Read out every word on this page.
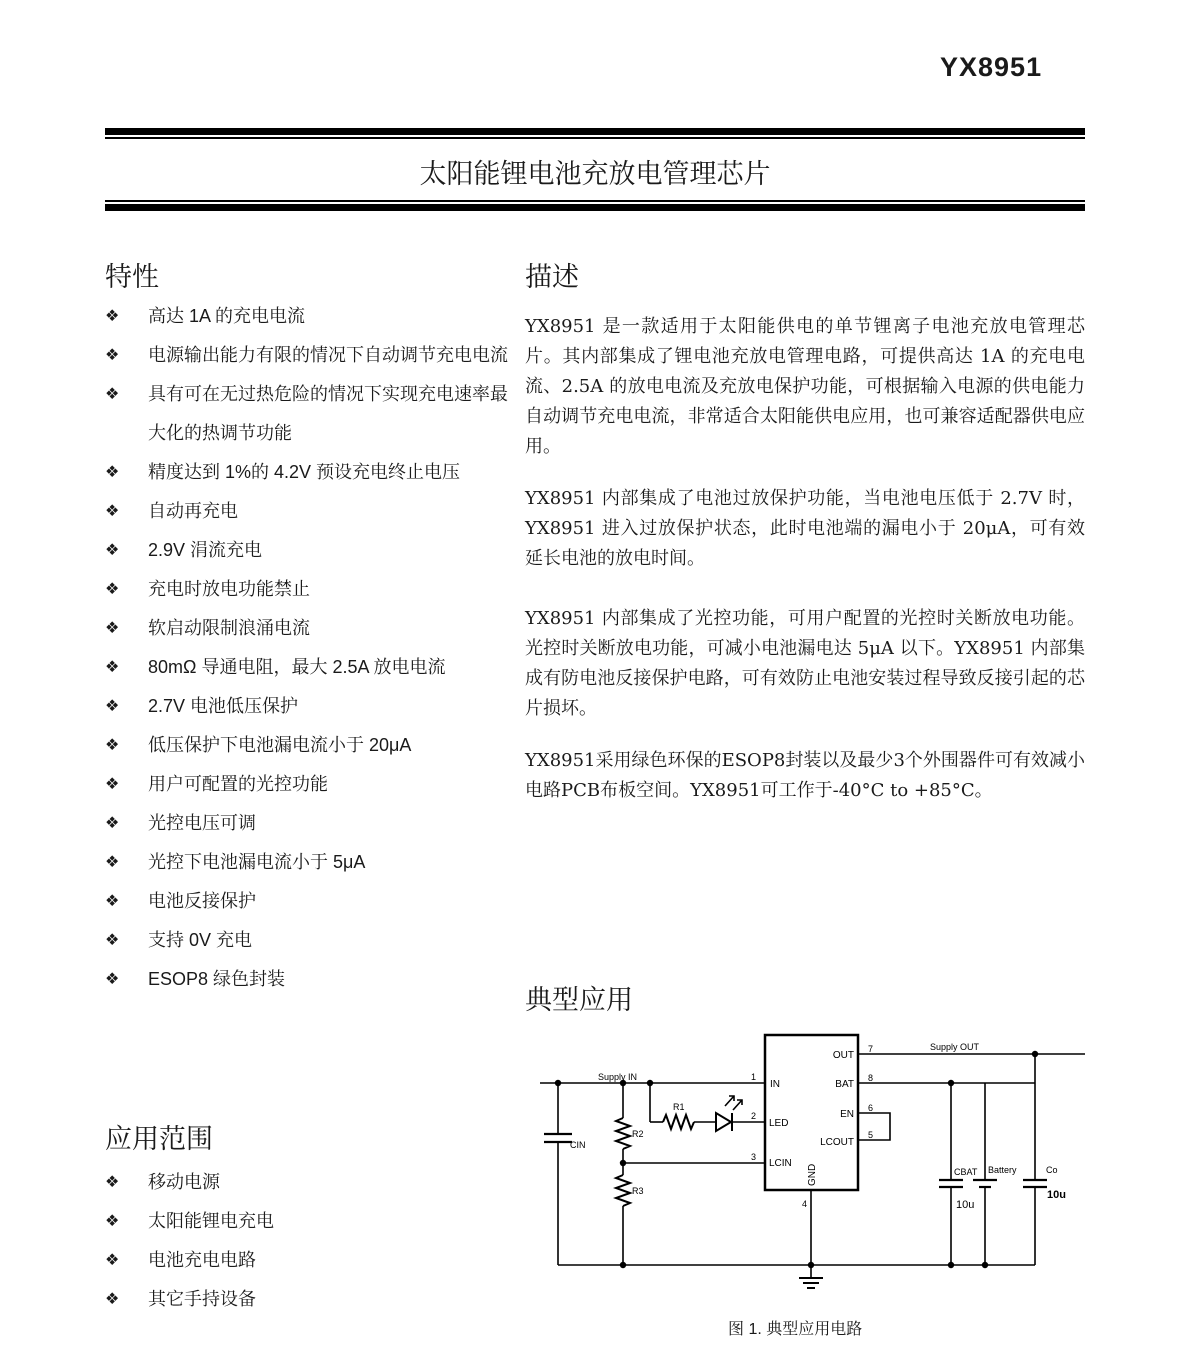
YX8951
太阳能锂电池充放电管理芯片
特性
❖ 高达 1A 的充电电流
❖ 电源输出能力有限的情况下自动调节充电电流
❖ 具有可在无过热危险的情况下实现充电速率最大化的热调节功能
❖ 精度达到 1%的 4.2V 预设充电终止电压
❖ 自动再充电
❖ 2.9V 涓流充电
❖ 充电时放电功能禁止
❖ 软启动限制浪涌电流
❖ 80mΩ 导通电阻，最大 2.5A 放电电流
❖ 2.7V 电池低压保护
❖ 低压保护下电池漏电流小于 20μA
❖ 用户可配置的光控功能
❖ 光控电压可调
❖ 光控下电池漏电流小于 5μA
❖ 电池反接保护
❖ 支持 0V 充电
❖ ESOP8 绿色封装
应用范围
❖ 移动电源
❖ 太阳能锂电充电
❖ 电池充电电路
❖ 其它手持设备
描述

YX8951 是一款适用于太阳能供电的单节锂离子电池充放电管理芯片。其内部集成了锂电池充放电管理电路，可提供高达 1A 的充电电流、2.5A 的放电电流及充放电保护功能，可根据输入电源的供电能力自动调节充电电流，非常适合太阳能供电应用，也可兼容适配器供电应用。

YX8951 内部集成了电池过放保护功能，当电池电压低于 2.7V 时，YX8951 进入过放保护状态，此时电池端的漏电小于 20μA，可有效延长电池的放电时间。

YX8951 内部集成了光控功能，可用户配置的光控时关断放电功能。光控时关断放电功能，可减小电池漏电达 5μA 以下。YX8951 内部集成有防电池反接保护电路，可有效防止电池安装过程导致反接引起的芯片损坏。

YX8951采用绿色环保的ESOP8封装以及最少3个外围器件可有效减小电路PCB布板空间。YX8951可工作于-40°C to +85°C。

典型应用
IN
LED
LCIN
OUT
BAT
EN
LCOUT
GND
1
2
3
4
5
6
7
8
Supply IN
Supply OUT
CIN
R1
R2
R3
CBAT Battery	Co
10u
10u
图 1. 典型应用电路
